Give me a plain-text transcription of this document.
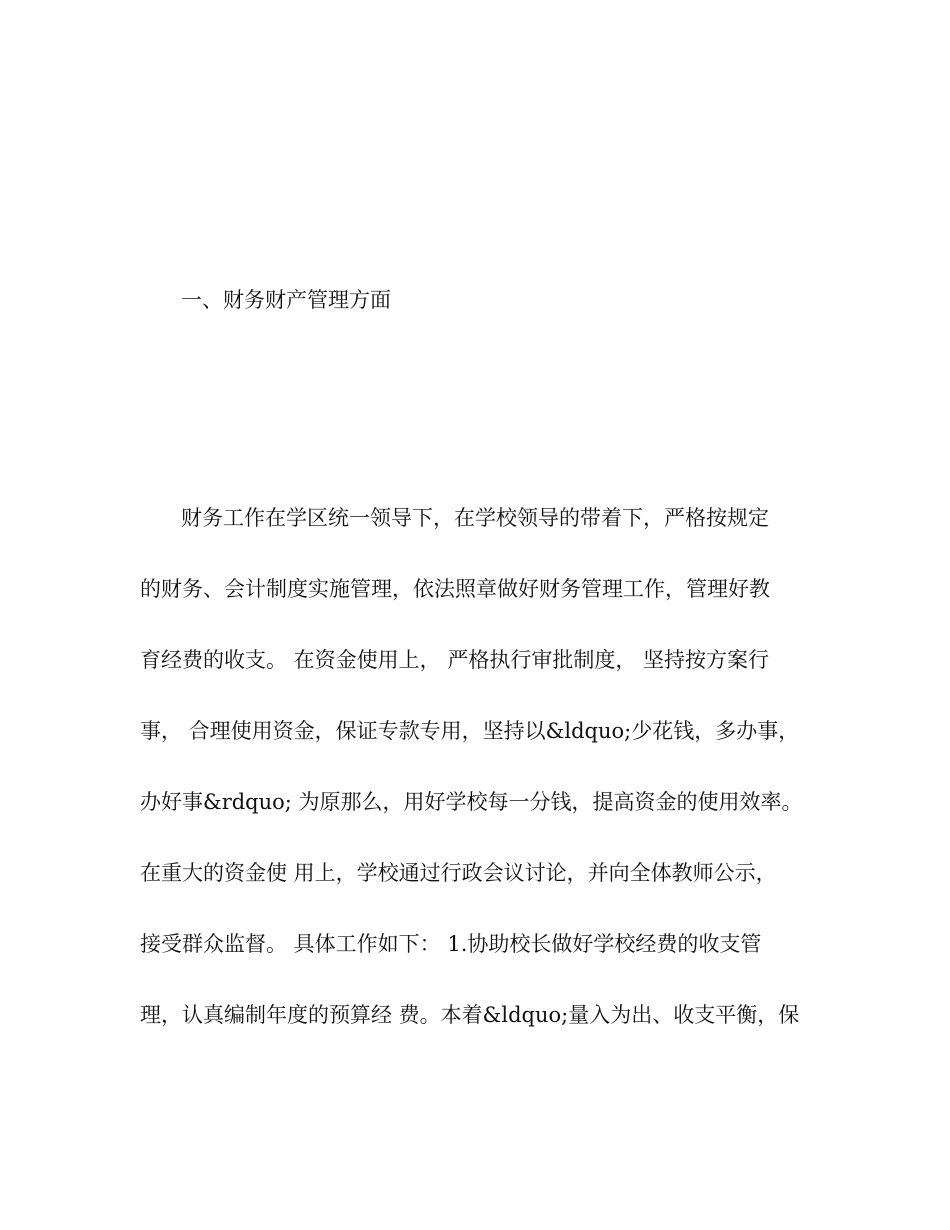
一、财务财产管理方面
财务工作在学区统一领导下，在学校领导的带着下，严格按规定
的财务、会计制度实施管理，依法照章做好财务管理工作，管理好教
育经费的收支。 在资金使用上， 严格执行审批制度， 坚持按方案行
事， 合理使用资金，保证专款专用，坚持以&ldquo;少花钱，多办事，
办好事&rdquo; 为原那么，用好学校每一分钱，提高资金的使用效率。
在重大的资金使 用上，学校通过行政会议讨论，并向全体教师公示，
接受群众监督。 具体工作如下： 1.协助校长做好学校经费的收支管
理，认真编制年度的预算经 费。本着&ldquo;量入为出、收支平衡，保
